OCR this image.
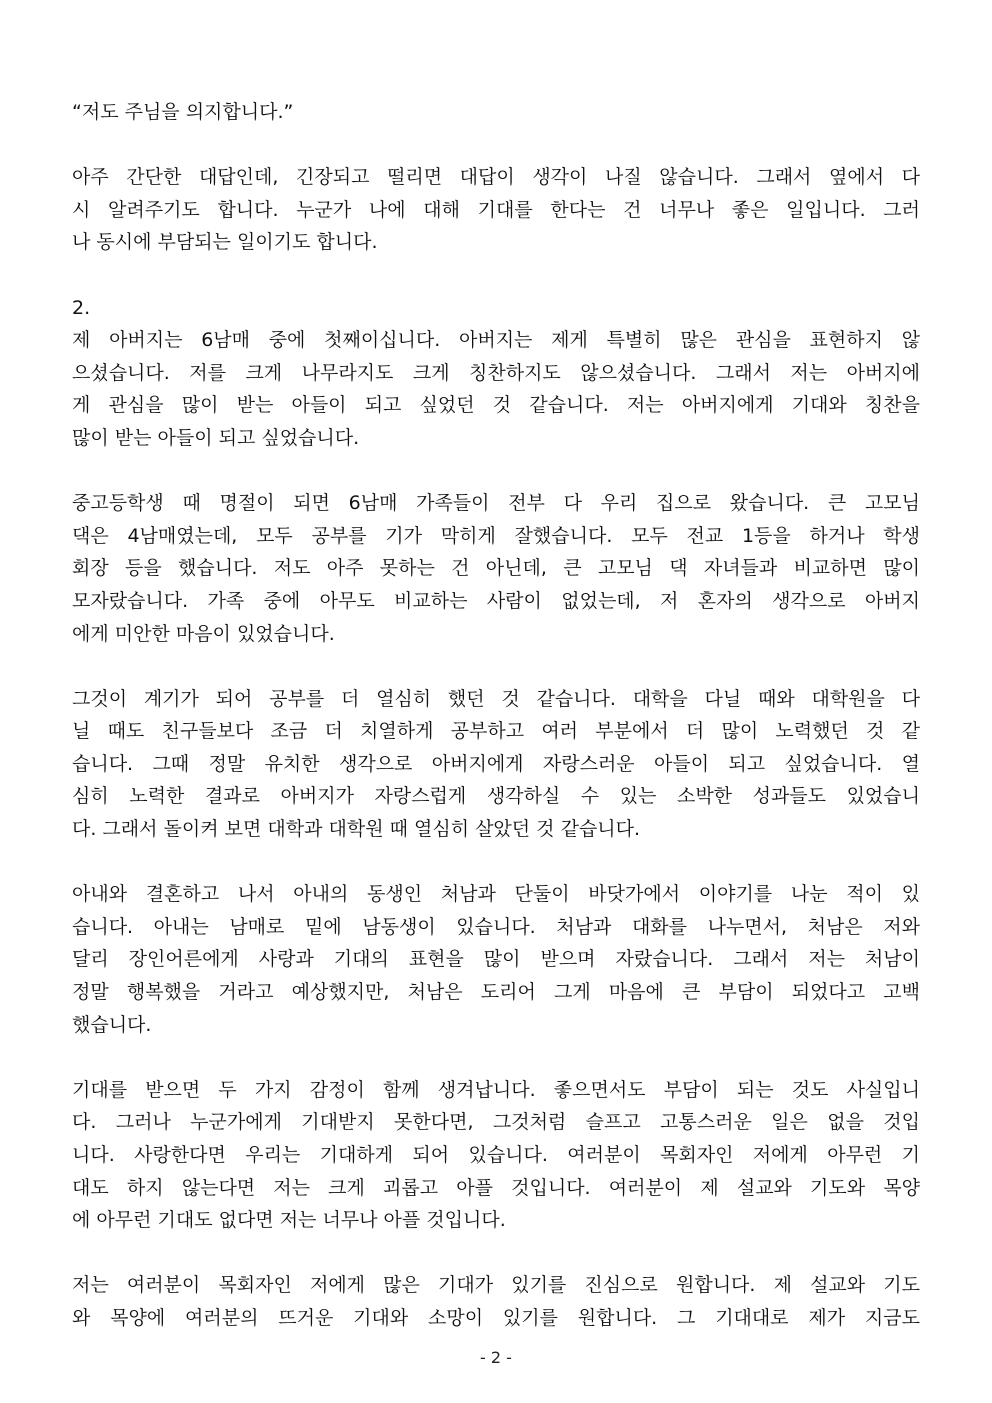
“저도 주님을 의지합니다.”
아주 간단한 대답인데, 긴장되고 떨리면 대답이 생각이 나질 않습니다. 그래서 옆에서 다
시 알려주기도 합니다. 누군가 나에 대해 기대를 한다는 건 너무나 좋은 일입니다. 그러
나 동시에 부담되는 일이기도 합니다.
2.
제 아버지는 6남매 중에 첫째이십니다. 아버지는 제게 특별히 많은 관심을 표현하지 않
으셨습니다. 저를 크게 나무라지도 크게 칭찬하지도 않으셨습니다. 그래서 저는 아버지에
게 관심을 많이 받는 아들이 되고 싶었던 것 같습니다. 저는 아버지에게 기대와 칭찬을
많이 받는 아들이 되고 싶었습니다.
중고등학생 때 명절이 되면 6남매 가족들이 전부 다 우리 집으로 왔습니다. 큰 고모님
댁은 4남매였는데, 모두 공부를 기가 막히게 잘했습니다. 모두 전교 1등을 하거나 학생
회장 등을 했습니다. 저도 아주 못하는 건 아닌데, 큰 고모님 댁 자녀들과 비교하면 많이
모자랐습니다. 가족 중에 아무도 비교하는 사람이 없었는데, 저 혼자의 생각으로 아버지
에게 미안한 마음이 있었습니다.
그것이 계기가 되어 공부를 더 열심히 했던 것 같습니다. 대학을 다닐 때와 대학원을 다
닐 때도 친구들보다 조금 더 치열하게 공부하고 여러 부분에서 더 많이 노력했던 것 같
습니다. 그때 정말 유치한 생각으로 아버지에게 자랑스러운 아들이 되고 싶었습니다. 열
심히 노력한 결과로 아버지가 자랑스럽게 생각하실 수 있는 소박한 성과들도 있었습니
다. 그래서 돌이켜 보면 대학과 대학원 때 열심히 살았던 것 같습니다.
아내와 결혼하고 나서 아내의 동생인 처남과 단둘이 바닷가에서 이야기를 나눈 적이 있
습니다. 아내는 남매로 밑에 남동생이 있습니다. 처남과 대화를 나누면서, 처남은 저와
달리 장인어른에게 사랑과 기대의 표현을 많이 받으며 자랐습니다. 그래서 저는 처남이
정말 행복했을 거라고 예상했지만, 처남은 도리어 그게 마음에 큰 부담이 되었다고 고백
했습니다.
기대를 받으면 두 가지 감정이 함께 생겨납니다. 좋으면서도 부담이 되는 것도 사실입니
다. 그러나 누군가에게 기대받지 못한다면, 그것처럼 슬프고 고통스러운 일은 없을 것입
니다. 사랑한다면 우리는 기대하게 되어 있습니다. 여러분이 목회자인 저에게 아무런 기
대도 하지 않는다면 저는 크게 괴롭고 아플 것입니다. 여러분이 제 설교와 기도와 목양
에 아무런 기대도 없다면 저는 너무나 아플 것입니다.
저는 여러분이 목회자인 저에게 많은 기대가 있기를 진심으로 원합니다. 제 설교와 기도
와 목양에 여러분의 뜨거운 기대와 소망이 있기를 원합니다. 그 기대대로 제가 지금도
- 2 -
